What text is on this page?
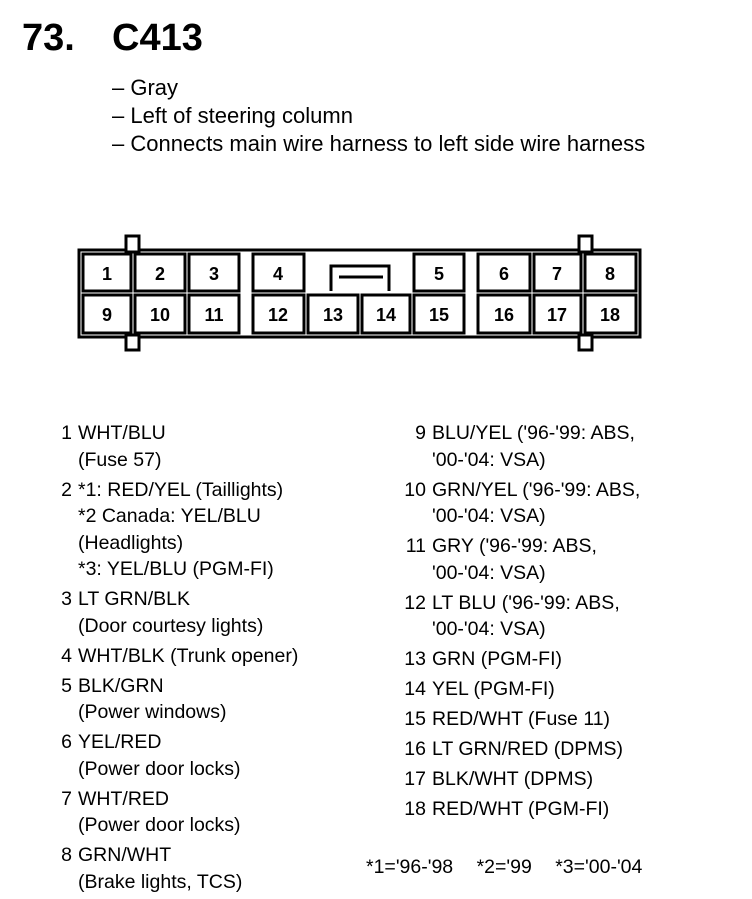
73. C413
– Gray
– Left of steering column
– Connects main wire harness to left side wire harness
1 2 3	4	5	6 7 8
9 10 11 12 13 14 15 16 17 18
1 WHT/BLU
(Fuse 57)
2 *1: RED/YEL (Taillights)
*2 Canada: YEL/BLU
(Headlights)
*3: YEL/BLU (PGM-FI)
3 LT GRN/BLK
(Door courtesy lights)
4 WHT/BLK (Trunk opener)
5 BLK/GRN
(Power windows)
6 YEL/RED
(Power door locks)
7 WHT/RED
(Power door locks)
8 GRN/WHT
(Brake lights, TCS)
9 BLU/YEL ('96-'99: ABS,
'00-'04: VSA)
10 GRN/YEL ('96-'99: ABS,
'00-'04: VSA)
11 GRY ('96-'99: ABS,
'00-'04: VSA)
12 LT BLU ('96-'99: ABS,
'00-'04: VSA)
13 GRN (PGM-FI)
14 YEL (PGM-FI)
15 RED/WHT (Fuse 11)
16 LT GRN/RED (DPMS)
17 BLK/WHT (DPMS)
18 RED/WHT (PGM-FI)
*1='96-'98 *2='99 *3='00-'04
